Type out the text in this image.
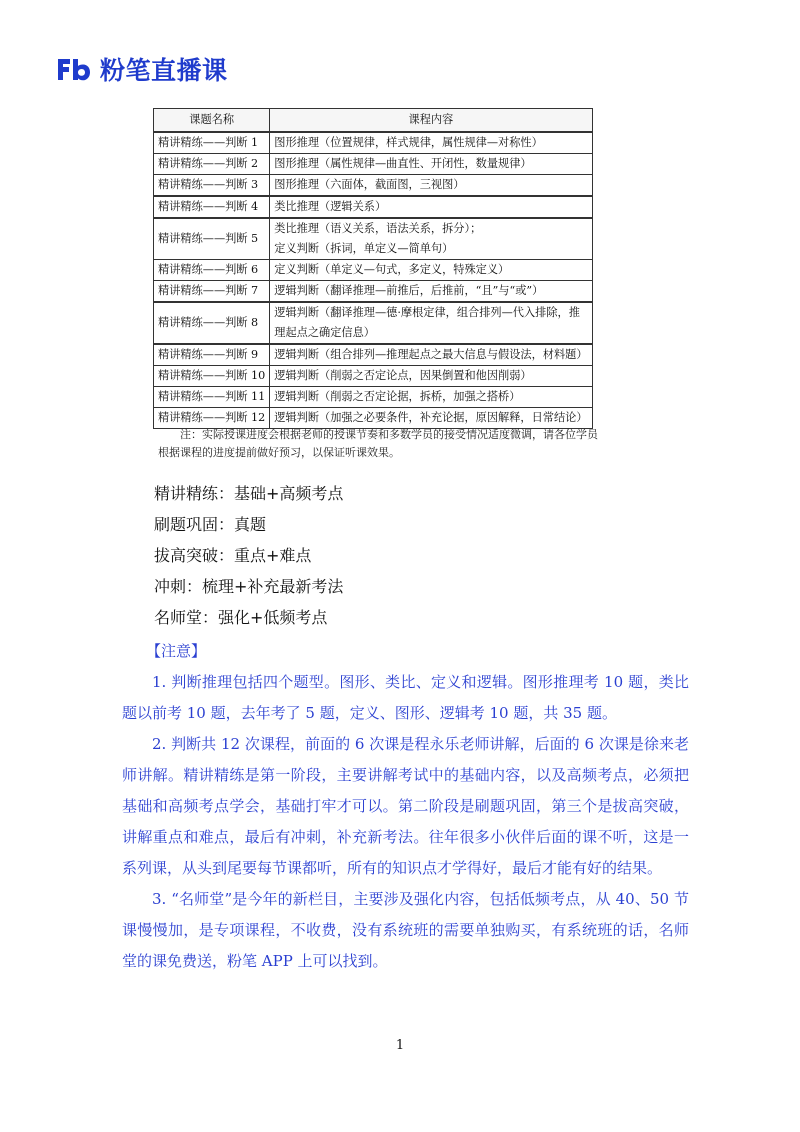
粉笔直播课
课题名称	课程内容
精讲精练——判断 1	图形推理（位置规律，样式规律，属性规律—对称性）

精讲精练——判断 2	图形推理（属性规律—曲直性、开闭性，数量规律）

精讲精练——判断 3	图形推理（六面体，截面图，三视图）

精讲精练——判断 4	类比推理（逻辑关系）

精讲精练——判断 5	类比推理（语义关系，语法关系，拆分）；
定义判断（拆词，单定义—简单句）

精讲精练——判断 6	定义判断（单定义—句式，多定义，特殊定义）

精讲精练——判断 7	逻辑判断（翻译推理—前推后，后推前，“且”与“或”）

精讲精练——判断 8	逻辑判断（翻译推理—德·摩根定律，组合排列—代入排除，推理起点之确定信息）

精讲精练——判断 9	逻辑判断（组合排列—推理起点之最大信息与假设法，材料题）

精讲精练——判断 10	逻辑判断（削弱之否定论点，因果倒置和他因削弱）

精讲精练——判断 11	逻辑判断（削弱之否定论据，拆桥，加强之搭桥）

精讲精练——判断 12	逻辑判断（加强之必要条件，补充论据，原因解释，日常结论）
注：实际授课进度会根据老师的授课节奏和多数学员的接受情况适度微调，请各位学员根据课程的进度提前做好预习，以保证听课效果。
精讲精练：基础+高频考点
刷题巩固：真题
拔高突破：重点+难点
冲刺：梳理+补充最新考法
名师堂：强化+低频考点
【注意】

1. 判断推理包括四个题型。图形、类比、定义和逻辑。图形推理考 10 题，类比题以前考 10 题，去年考了 5 题，定义、图形、逻辑考 10 题，共 35 题。

2. 判断共 12 次课程，前面的 6 次课是程永乐老师讲解，后面的 6 次课是徐来老师讲解。精讲精练是第一阶段，主要讲解考试中的基础内容，以及高频考点，必须把基础和高频考点学会，基础打牢才可以。第二阶段是刷题巩固，第三个是拔高突破，讲解重点和难点，最后有冲刺，补充新考法。往年很多小伙伴后面的课不听，这是一系列课，从头到尾要每节课都听，所有的知识点才学得好，最后才能有好的结果。

3. “名师堂”是今年的新栏目，主要涉及强化内容，包括低频考点，从 40、50 节课慢慢加，是专项课程，不收费，没有系统班的需要单独购买，有系统班的话，名师堂的课免费送，粉笔 APP 上可以找到。

1
